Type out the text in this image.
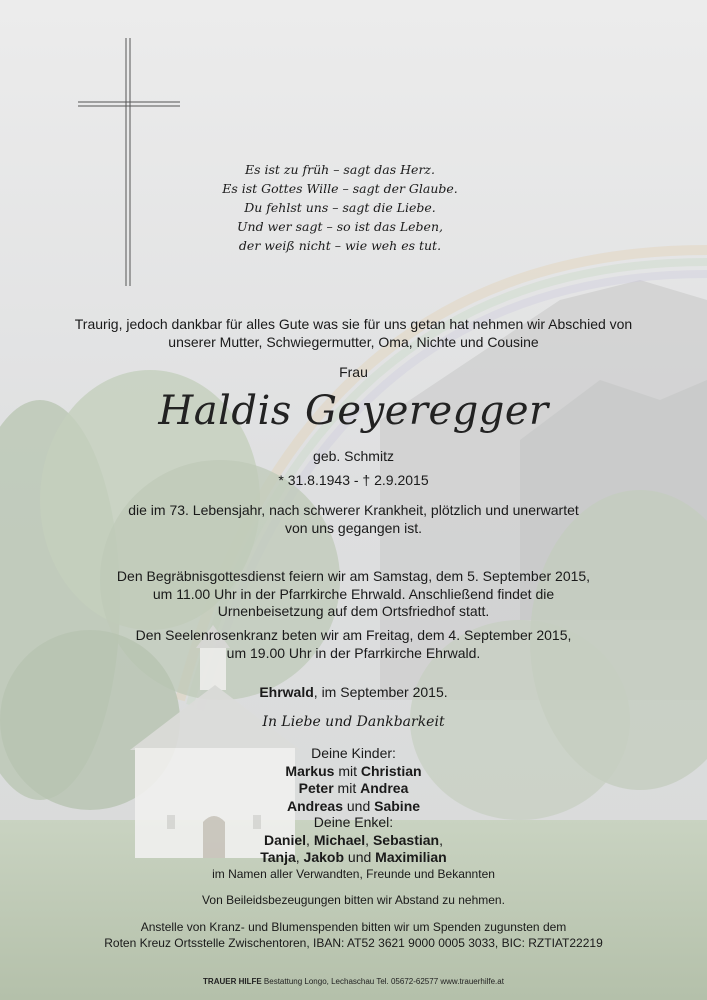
Es ist zu früh – sagt das Herz.
Es ist Gottes Wille – sagt der Glaube.
Du fehlst uns – sagt die Liebe.
Und wer sagt – so ist das Leben,
der weiß nicht – wie weh es tut.
Traurig, jedoch dankbar für alles Gute was sie für uns getan hat nehmen wir Abschied von
unserer Mutter, Schwiegermutter, Oma, Nichte und Cousine
Frau
Haldis Geyeregger
geb. Schmitz
* 31.8.1943 - † 2.9.2015
die im 73. Lebensjahr, nach schwerer Krankheit, plötzlich und unerwartet
von uns gegangen ist.
Den Begräbnisgottesdienst feiern wir am Samstag, dem 5. September 2015,
um 11.00 Uhr in der Pfarrkirche Ehrwald. Anschließend findet die
Urnenbeisetzung auf dem Ortsfriedhof statt.
Den Seelenrosenkranz beten wir am Freitag, dem 4. September 2015,
um 19.00 Uhr in der Pfarrkirche Ehrwald.
Ehrwald, im September 2015.
In Liebe und Dankbarkeit
Deine Kinder:
Markus mit Christian
Peter mit Andrea
Andreas und Sabine
Deine Enkel:
Daniel, Michael, Sebastian,
Tanja, Jakob und Maximilian
im Namen aller Verwandten, Freunde und Bekannten
Von Beileidsbezeugungen bitten wir Abstand zu nehmen.
Anstelle von Kranz- und Blumenspenden bitten wir um Spenden zugunsten dem
Roten Kreuz Ortsstelle Zwischentoren, IBAN: AT52 3621 9000 0005 3033, BIC: RZTIAT22219
TRAUER HILFE Bestattung Longo, Lechaschau Tel. 05672-62577 www.trauerhilfe.at
